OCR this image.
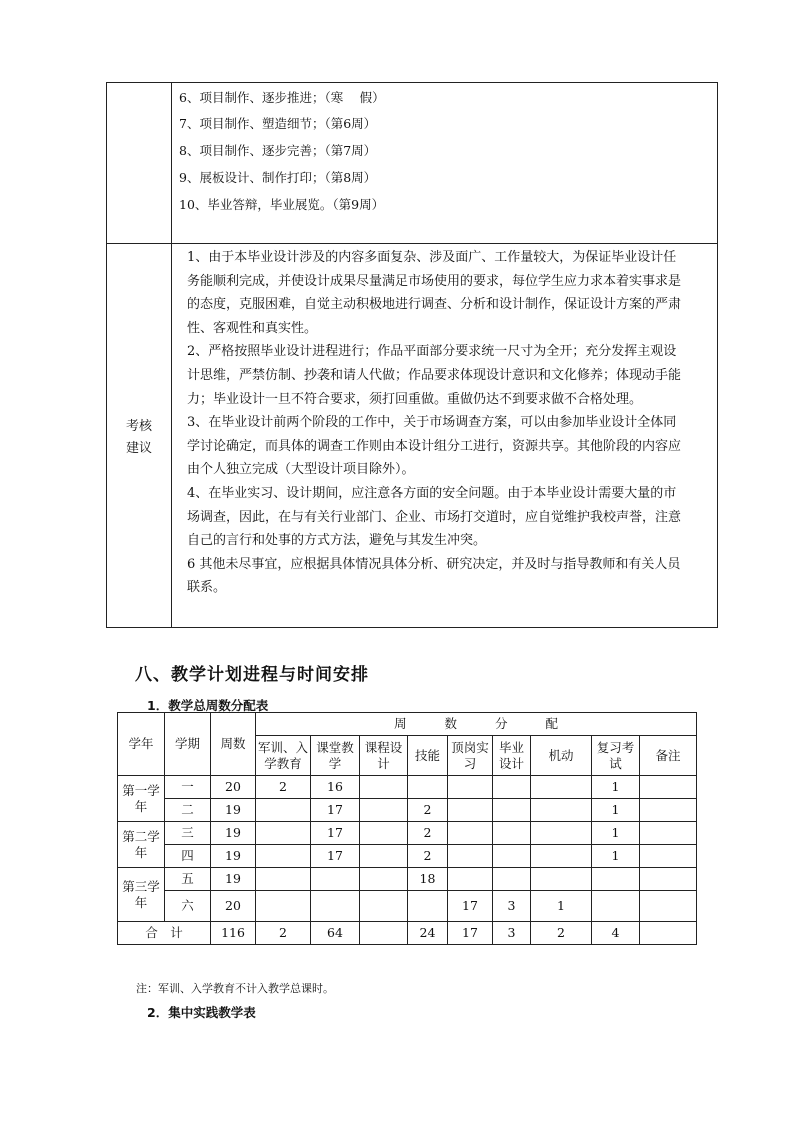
6、项目制作、逐步推进；（寒　 假）
7、项目制作、塑造细节；（第6周）
8、项目制作、逐步完善；（第7周）
9、展板设计、制作打印；（第8周）
10、毕业答辩，毕业展览。（第9周）
考核
建议

1、由于本毕业设计涉及的内容多面复杂、涉及面广、工作量较大，为保证毕业设计任
务能顺利完成，并使设计成果尽量满足市场使用的要求，每位学生应力求本着实事求是
的态度，克服困难，自觉主动积极地进行调查、分析和设计制作，保证设计方案的严肃
性、客观性和真实性。

2、严格按照毕业设计进程进行；作品平面部分要求统一尺寸为全开；充分发挥主观设
计思维，严禁仿制、抄袭和请人代做；作品要求体现设计意识和文化修养；体现动手能
力；毕业设计一旦不符合要求，须打回重做。重做仍达不到要求做不合格处理。

3、在毕业设计前两个阶段的工作中，关于市场调查方案，可以由参加毕业设计全体同
学讨论确定，而具体的调查工作则由本设计组分工进行，资源共享。其他阶段的内容应
由个人独立完成（大型设计项目除外）。

4、在毕业实习、设计期间，应注意各方面的安全问题。由于本毕业设计需要大量的市
场调查，因此，在与有关行业部门、企业、市场打交道时，应自觉维护我校声誉，注意
自己的言行和处事的方式方法，避免与其发生冲突。

6 其他未尽事宜，应根据具体情况具体分析、研究决定，并及时与指导教师和有关人员
联系。

八、教学计划进程与时间安排
1．教学总周数分配表
学年	学期	周数	周数分配								
			军训、入学教育	课堂教学	课程设计	技能	顶岗实习	毕业设计	机动	复习考试	备注
第一学年	一	20	2	16						1	
	二	19		17		2				1	
第二学年	三	19		17		2				1	
	四	19		17		2				1	
第三学年	五	19				18					
	六	20					17	3	1		
合　计		116	2	64		24	17	3	2	4	
注：军训、入学教育不计入教学总课时。
2．集中实践教学表
